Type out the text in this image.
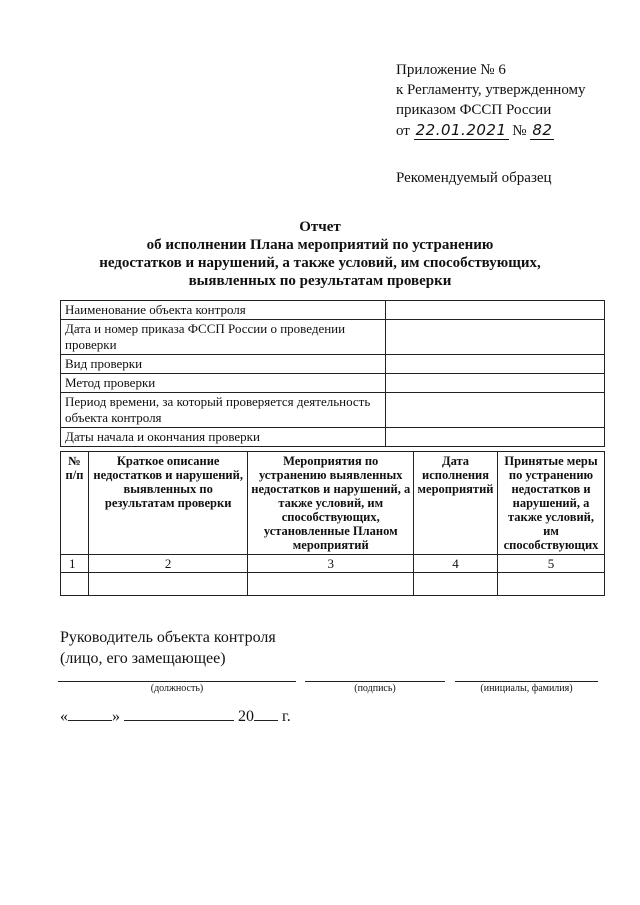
Приложение № 6
к Регламенту, утвержденному
приказом ФССП России
от 22.01.2021 № 82
Рекомендуемый образец
Отчет
об исполнении Плана мероприятий по устранению
недостатков и нарушений, а также условий, им способствующих,
выявленных по результатам проверки
Наименование объекта контроля	
Дата и номер приказа ФССП России о проведении проверки	
Вид проверки	
Метод проверки	
Период времени, за который проверяется деятельность объекта контроля	
Даты начала и окончания проверки	
№ п/п	Краткое описание недостатков и нарушений, выявленных по результатам проверки	Мероприятия по устранению выявленных недостатков и нарушений, а также условий, им способствующих, установленные Планом мероприятий	Дата исполнения мероприятий	Принятые меры по устранению недостатков и нарушений, а также условий, им способствующих
1	2	3	4	5

Руководитель объекта контроля
(лицо, его замещающее)
(должность)	(подпись)	(инициалы, фамилия)
«	»	20 г.
